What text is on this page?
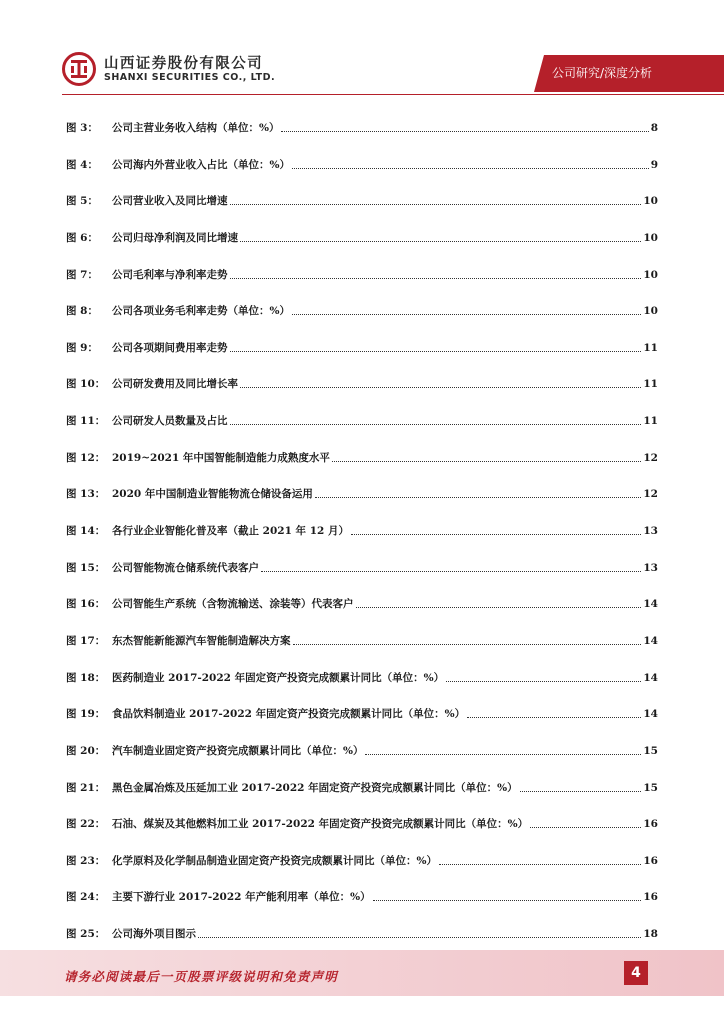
山西证券股份有限公司
SHANXI SECURITIES CO., LTD.	公司研究/深度分析
图 3：	公司主营业务收入结构（单位：%）	8
图 4：	公司海内外营业收入占比（单位：%）	9
图 5：	公司营业收入及同比增速	10
图 6：	公司归母净利润及同比增速	10
图 7：	公司毛利率与净利率走势	10
图 8：	公司各项业务毛利率走势（单位：%）	10
图 9：	公司各项期间费用率走势	11
图 10： 公司研发费用及同比增长率	11
图 11： 公司研发人员数量及占比	11
图 12： 2019~2021 年中国智能制造能力成熟度水平	12
图 13： 2020 年中国制造业智能物流仓储设备运用	12
图 14： 各行业企业智能化普及率（截止 2021 年 12 月）	13
图 15： 公司智能物流仓储系统代表客户	13
图 16： 公司智能生产系统（含物流输送、涂装等）代表客户	14
图 17： 东杰智能新能源汽车智能制造解决方案	14
图 18： 医药制造业 2017-2022 年固定资产投资完成额累计同比（单位：%）	14
图 19： 食品饮料制造业 2017-2022 年固定资产投资完成额累计同比（单位：%）	14
图 20： 汽车制造业固定资产投资完成额累计同比（单位：%）	15
图 21： 黑色金属冶炼及压延加工业 2017-2022 年固定资产投资完成额累计同比（单位：%）	15
图 22： 石油、煤炭及其他燃料加工业 2017-2022 年固定资产投资完成额累计同比（单位：%）	16
图 23： 化学原料及化学制品制造业固定资产投资完成额累计同比（单位：%）	16
图 24： 主要下游行业 2017-2022 年产能利用率（单位：%）	16
图 25： 公司海外项目图示	18
请务必阅读最后一页股票评级说明和免责声明	4
